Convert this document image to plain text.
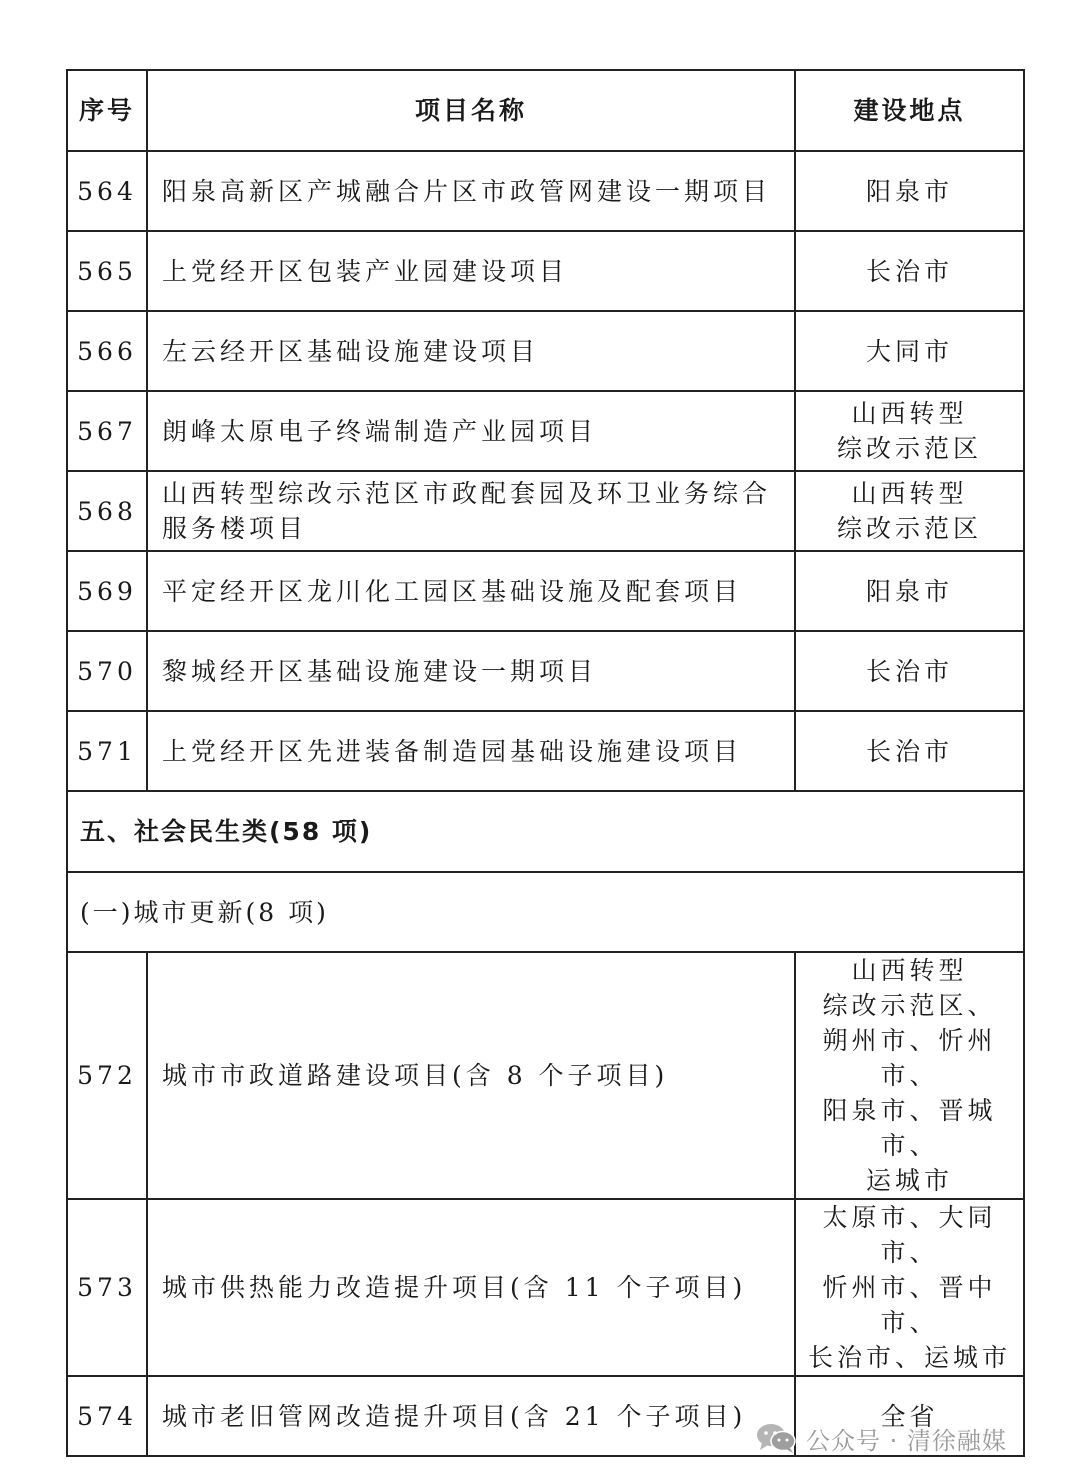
序号	项目名称	建设地点
564	阳泉高新区产城融合片区市政管网建设一期项目	阳泉市
565	上党经开区包装产业园建设项目	长治市
566	左云经开区基础设施建设项目	大同市
567	朗峰太原电子终端制造产业园项目	山西转型
综改示范区
568	山西转型综改示范区市政配套园及环卫业务综合服务楼项目	山西转型
综改示范区
569	平定经开区龙川化工园区基础设施及配套项目	阳泉市
570	黎城经开区基础设施建设一期项目	长治市
571	上党经开区先进装备制造园基础设施建设项目	长治市
五、社会民生类(58 项)		
(一)城市更新(8 项)		
572	城市市政道路建设项目(含 8 个子项目)	山西转型
综改示范区、
朔州市、忻州市、
阳泉市、晋城市、
运城市
573	城市供热能力改造提升项目(含 11 个子项目)	太原市、大同市、
忻州市、晋中市、
长治市、运城市
574	城市老旧管网改造提升项目(含 21 个子项目)	全省
公众号 · 清徐融媒
